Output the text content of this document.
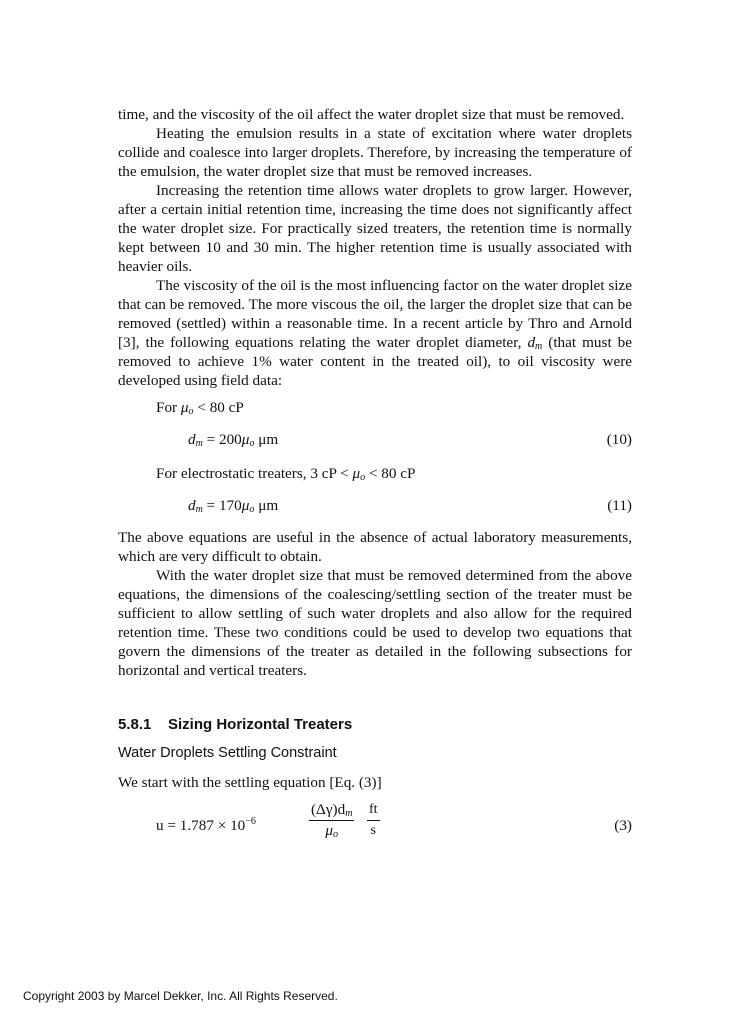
time, and the viscosity of the oil affect the water droplet size that must be removed.

Heating the emulsion results in a state of excitation where water droplets collide and coalesce into larger droplets. Therefore, by increasing the temperature of the emulsion, the water droplet size that must be removed increases.

Increasing the retention time allows water droplets to grow larger. However, after a certain initial retention time, increasing the time does not significantly affect the water droplet size. For practically sized treaters, the retention time is normally kept between 10 and 30 min. The higher retention time is usually associated with heavier oils.

The viscosity of the oil is the most influencing factor on the water droplet size that can be removed. The more viscous the oil, the larger the droplet size that can be removed (settled) within a reasonable time. In a recent article by Thro and Arnold [3], the following equations relating the water droplet diameter, $d_m$ (that must be removed to achieve 1% water content in the treated oil), to oil viscosity were developed using field data:

For $\mu_o < 80$ cP
$d_m = 200\mu_o$ μm	(10)
For electrostatic treaters, 3 cP < $\mu_o < 80$ cP
$d_m = 170\mu_o$ μm	(11)

The above equations are useful in the absence of actual laboratory measurements, which are very difficult to obtain.

With the water droplet size that must be removed determined from the above equations, the dimensions of the coalescing/settling section of the treater must be sufficient to allow settling of such water droplets and also allow for the required retention time. These two conditions could be used to develop two equations that govern the dimensions of the treater as detailed in the following subsections for horizontal and vertical treaters.

5.8.1 Sizing Horizontal Treaters
Water Droplets Settling Constraint

We start with the settling equation [Eq. (3)]

$u = 1.787 \times 10^{-6}$	$\frac{(\Delta\gamma)d_m}{\mu_o} \frac{ft}{s}$	(3)
Copyright 2003 by Marcel Dekker, Inc. All Rights Reserved.
